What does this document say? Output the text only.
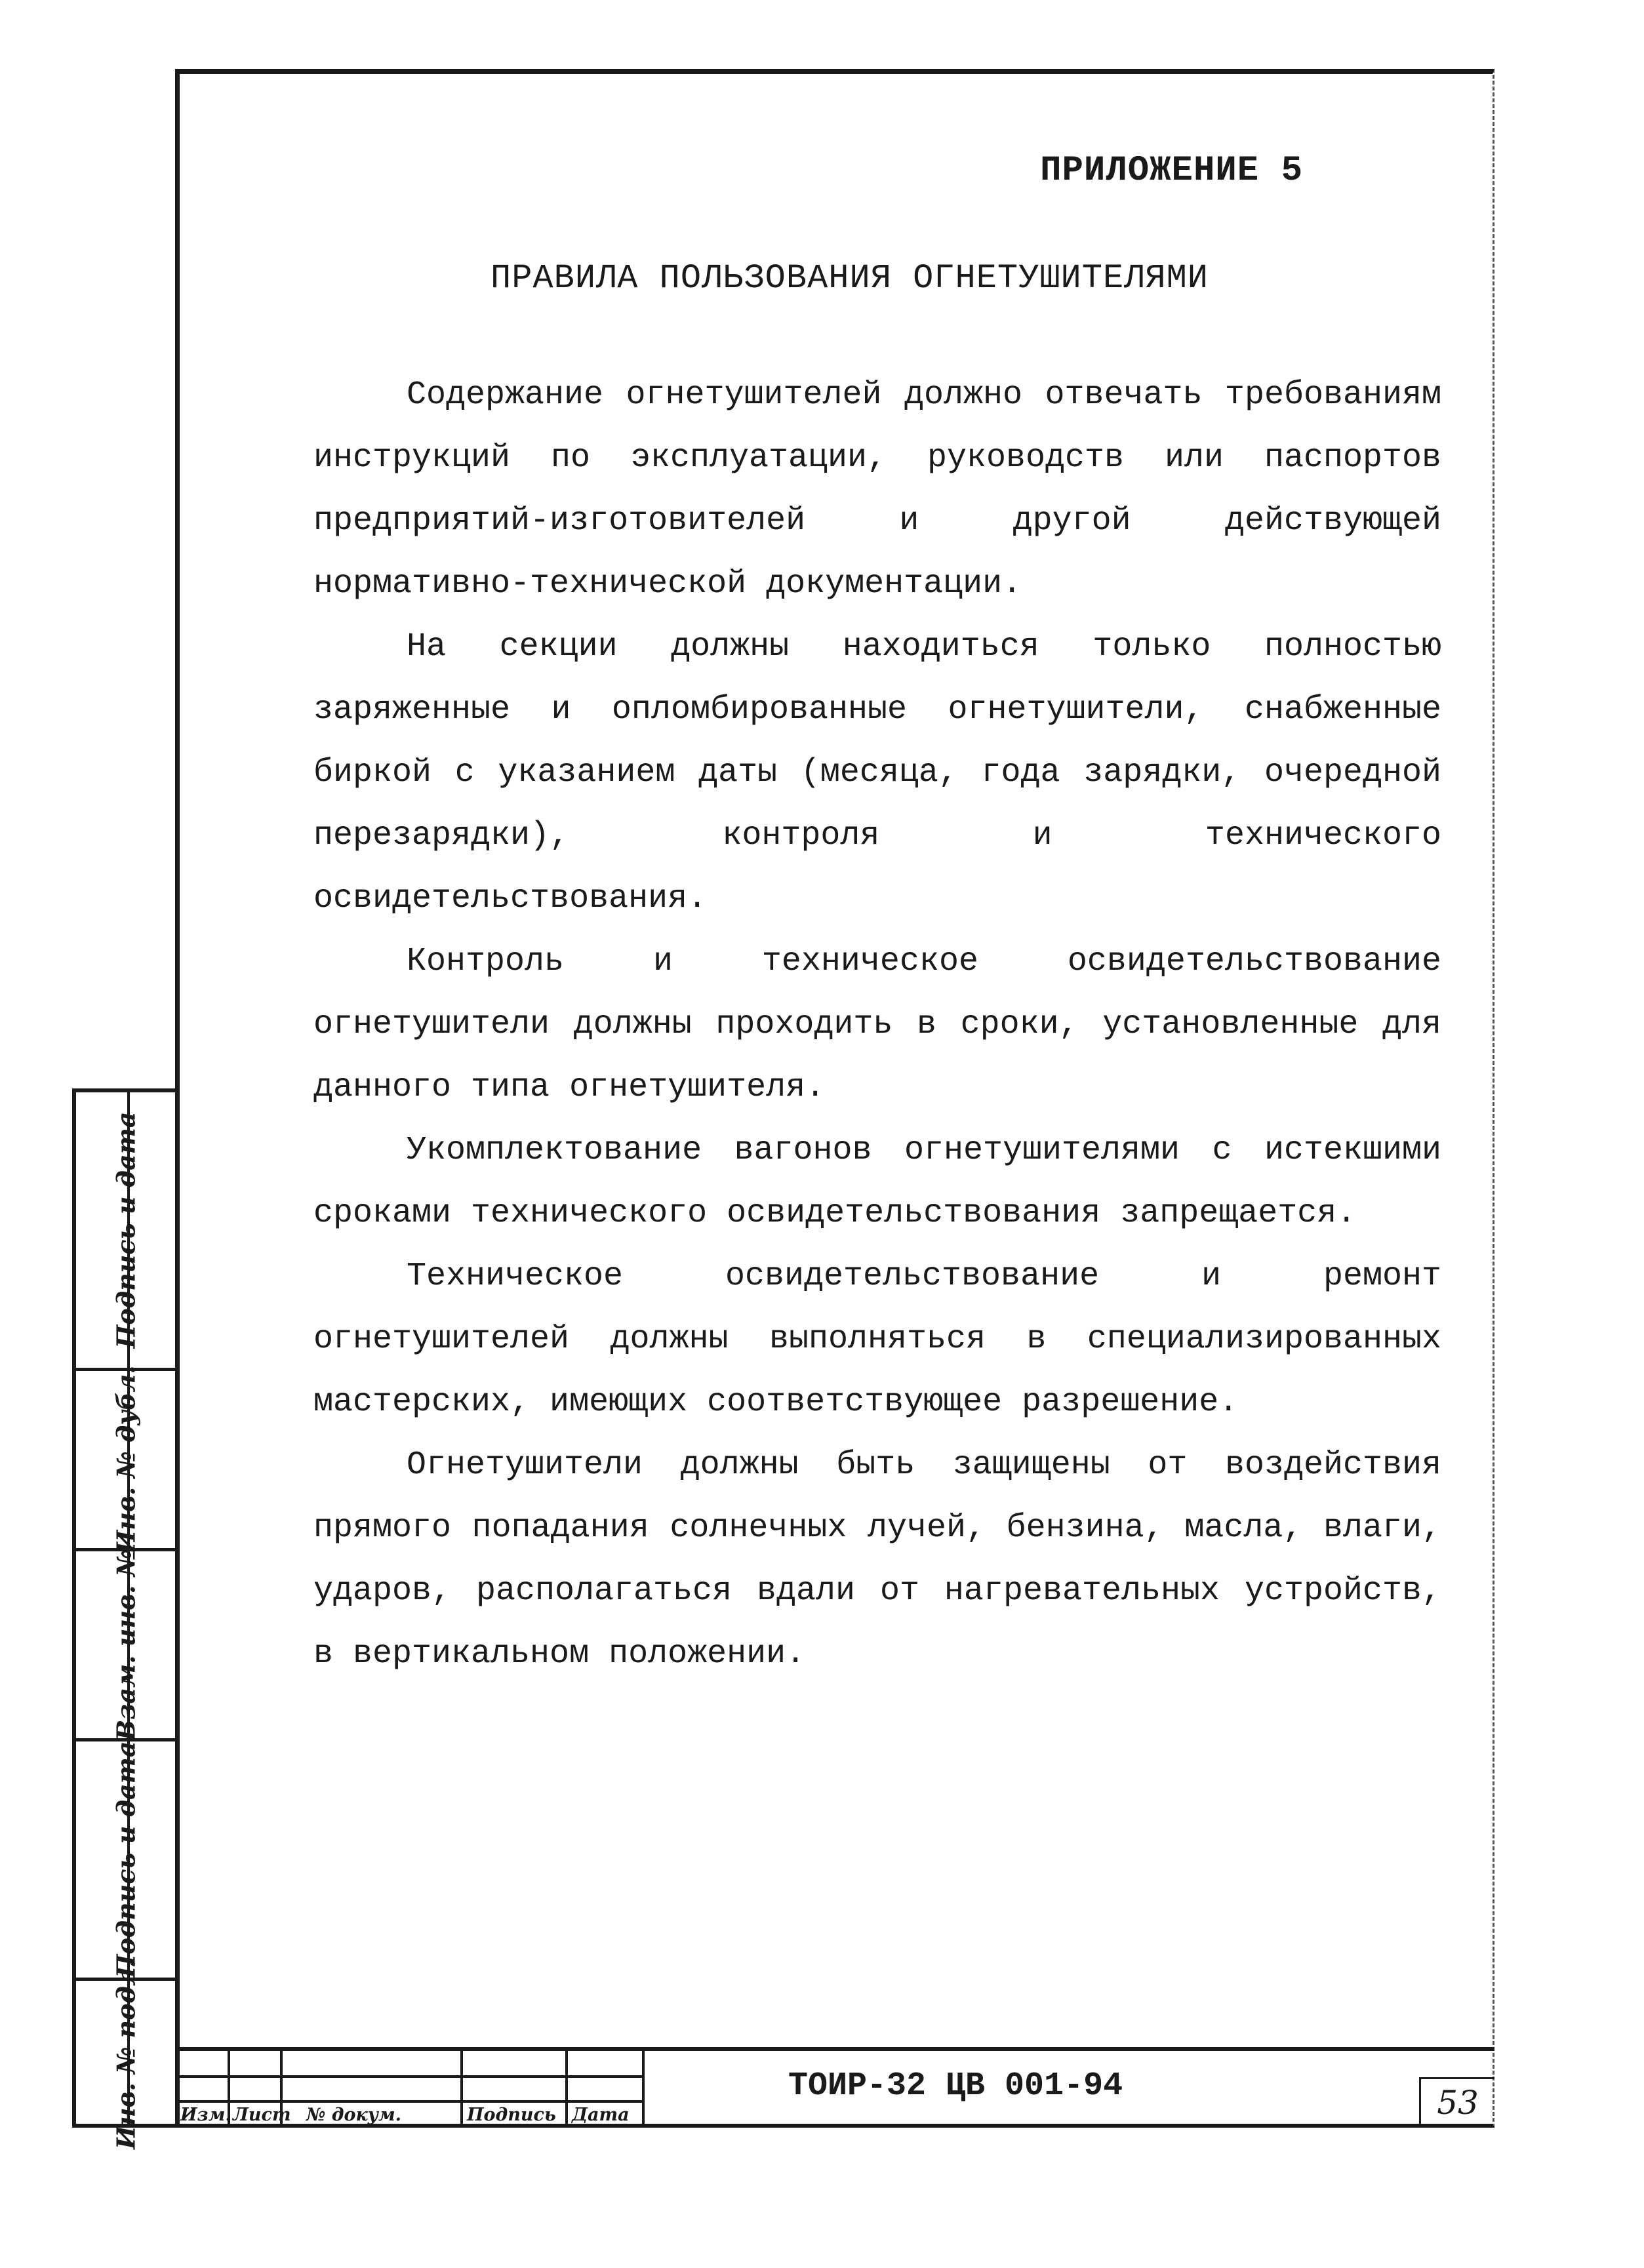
ПРИЛОЖЕНИЕ 5
ПРАВИЛА ПОЛЬЗОВАНИЯ ОГНЕТУШИТЕЛЯМИ

Содержание огнетушителей должно отвечать требованиям инструкций по эксплуатации, руководств или паспортов предприятий-изготовителей и другой действующей нормативно-технической документации.

На секции должны находиться только полностью заряженные и опломбированные огнетушители, снабженные биркой с указанием даты (месяца, года зарядки, очередной перезарядки), контроля и технического освидетельствования.

Контроль и техническое освидетельствование огнетушители должны проходить в сроки, установленные для данного типа огнетушителя.

Укомплектование вагонов огнетушителями с истекшими сроками технического освидетельствования запрещается.

Техническое освидетельствование и ремонт огнетушителей должны выполняться в специализированных мастерских, имеющих соответствующее разрешение.

Огнетушители должны быть защищены от воздействия прямого попадания солнечных лучей, бензина, масла, влаги, ударов, располагаться вдали от нагревательных устройств, в вертикальном положении.

Подпись и дата
Инв. № дубл.
Взам. инв. №
Подпись и дата
Инв. № подл. Изм. Лист № докум.	Подпись Дата
ТОИР-32 ЦВ 001-94	53
